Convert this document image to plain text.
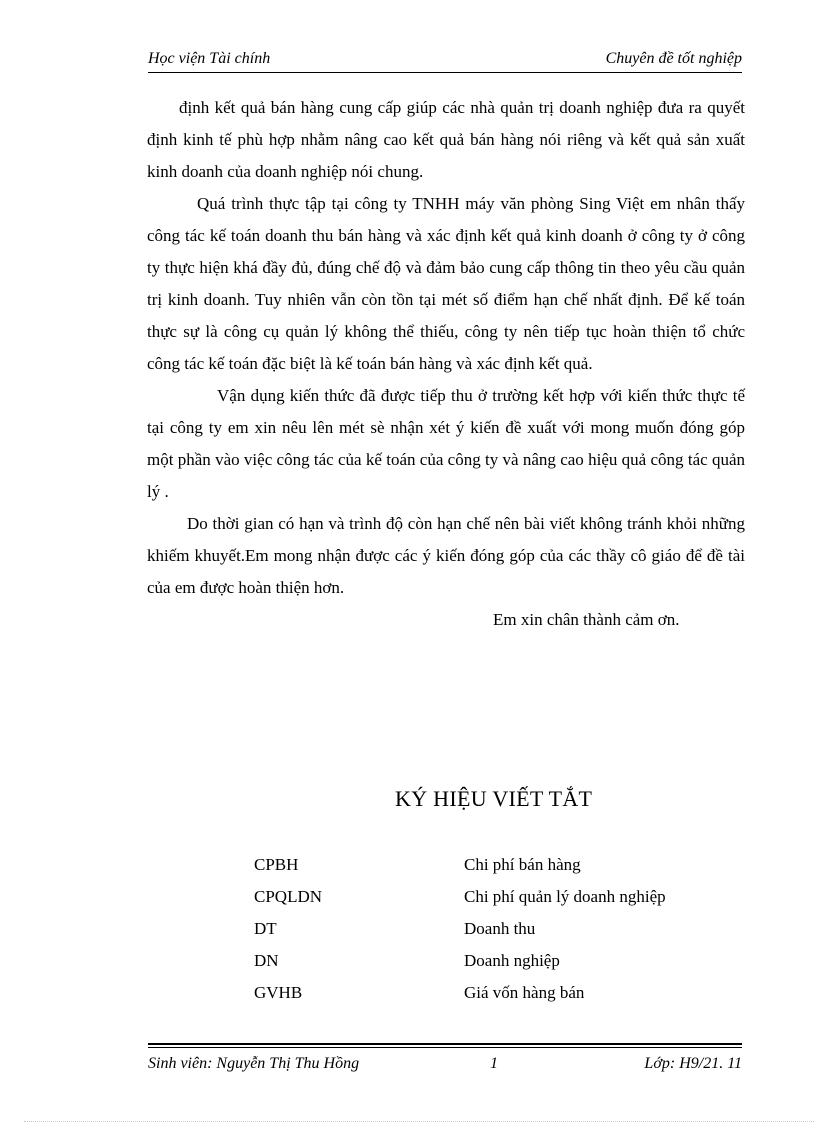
Học viện Tài chính	Chuyên đề tốt nghiệp

định kết quả bán hàng cung cấp giúp các nhà quản trị doanh nghiệp đưa ra quyết định kinh tế phù hợp nhằm nâng cao kết quả bán hàng nói riêng và kết quả sản xuất kinh doanh của doanh nghiệp nói chung.

Quá trình thực tập tại công ty TNHH máy văn phòng Sing Việt em nhân thấy công tác kế toán doanh thu bán hàng và xác định kết quả kinh doanh ở công ty ở công ty thực hiện khá đầy đủ, đúng chế độ và đảm bảo cung cấp thông tin theo yêu cầu quản trị kinh doanh. Tuy nhiên vẫn còn tồn tại mét số điểm hạn chế nhất định. Để kế toán thực sự là công cụ quản lý không thể thiếu, công ty nên tiếp tục hoàn thiện tổ chức công tác kế toán đặc biệt là kế toán bán hàng và xác định kết quả.

Vận dụng kiến thức đã được tiếp thu ở trường kết hợp với kiến thức thực tế tại công ty em xin nêu lên mét sè nhận xét ý kiến đề xuất với mong muốn đóng góp một phần vào việc công tác của kế toán của công ty và nâng cao hiệu quả công tác quản lý .

Do thời gian có hạn và trình độ còn hạn chế nên bài viết không tránh khỏi những khiếm khuyết.Em mong nhận được các ý kiến đóng góp của các thầy cô giáo để đề tài của em được hoàn thiện hơn.

Em xin chân thành cảm ơn.

KÝ HIỆU VIẾT TẮT
CPBH	Chi phí bán hàng
CPQLDN	Chi phí quản lý doanh nghiệp
DT	Doanh thu
DN	Doanh nghiệp
GVHB	Giá vốn hàng bán
Sinh viên: Nguyễn Thị Thu Hồng	1	Lớp: H9/21. 11
